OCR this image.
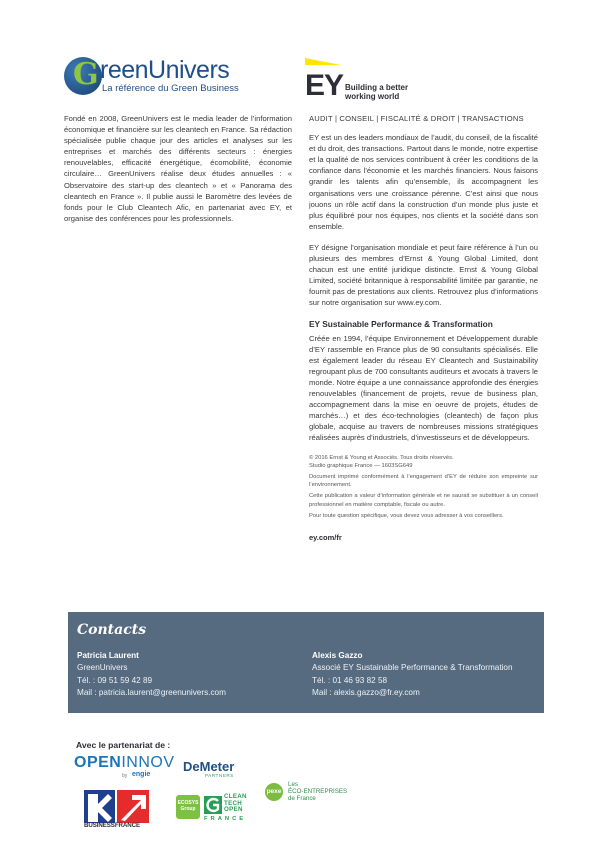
G reenUnivers
La référence du Green Business EY Building a better
working world

Fondé en 2008, GreenUnivers est le media leader de l’information économique et financière sur les cleantech en France. Sa rédaction spécialisée publie chaque jour des articles et analyses sur les entreprises et marchés des différents secteurs : énergies renouvelables, efficacité énergétique, écomobilité, économie circulaire… GreenUnivers réalise deux études annuelles : « Observatoire des start-up des cleantech » et « Panorama des cleantech en France ». Il publie aussi le Baromètre des levées de fonds pour le Club Cleantech Afic, en partenariat avec EY, et organise des conférences pour les professionnels.

AUDIT | CONSEIL | FISCALITÉ & DROIT | TRANSACTIONS

EY est un des leaders mondiaux de l’audit, du conseil, de la fiscalité et du droit, des transactions. Partout dans le monde, notre expertise et la qualité de nos services contribuent à créer les conditions de la confiance dans l’économie et les marchés financiers. Nous faisons grandir les talents afin qu’ensemble, ils accompagnent les organisations vers une croissance pérenne. C’est ainsi que nous jouons un rôle actif dans la construction d’un monde plus juste et plus équilibré pour nos équipes, nos clients et la société dans son ensemble.

EY désigne l’organisation mondiale et peut faire référence à l’un ou plusieurs des membres d’Ernst & Young Global Limited, dont chacun est une entité juridique distincte. Ernst & Young Global Limited, société britannique à responsabilité limitée par garantie, ne fournit pas de prestations aux clients. Retrouvez plus d’informations sur notre organisation sur www.ey.com.

EY Sustainable Performance & Transformation

Créée en 1994, l’équipe Environnement et Développement durable d’EY rassemble en France plus de 90 consultants spécialisés. Elle est également leader du réseau EY Cleantech and Sustainability regroupant plus de 700 consultants auditeurs et avocats à travers le monde. Notre équipe a une connaissance approfondie des énergies renouvelables (financement de projets, revue de business plan, accompagnement dans la mise en oeuvre de projets, études de marchés…) et des éco-technologies (cleantech) de façon plus globale, acquise au travers de nombreuses missions stratégiques réalisées auprès d’industriels, d’investisseurs et de développeurs.

© 2016 Ernst & Young et Associés. Tous droits réservés.

Studio graphique France — 1603SG649

Document imprimé conformément à l’engagement d’EY de réduire son empreinte sur l’environnement.

Cette publication a valeur d’information générale et ne saurait se substituer à un conseil professionnel en matière comptable, fiscale ou autre.

Pour toute question spécifique, vous devez vous adresser à vos conseillers.

ey.com/fr
Contacts
Patricia Laurent
GreenUnivers
Tél. : 09 51 59 42 89
Mail : patricia.laurent@greenunivers.com
Alexis Gazzo
Associé EY Sustainable Performance & Transformation
Tél. : 01 46 93 82 58
Mail : alexis.gazzo@fr.ey.com
Avec le partenariat de :
OPENINNOV
by engie
DeMeter
PARTNERS
BUSINESSFRANCE
ECOSYS
Group
CLEAN
TECH
OPEN
FRANCE
pexe
Les
ÉCO-ENTREPRISES
de France
